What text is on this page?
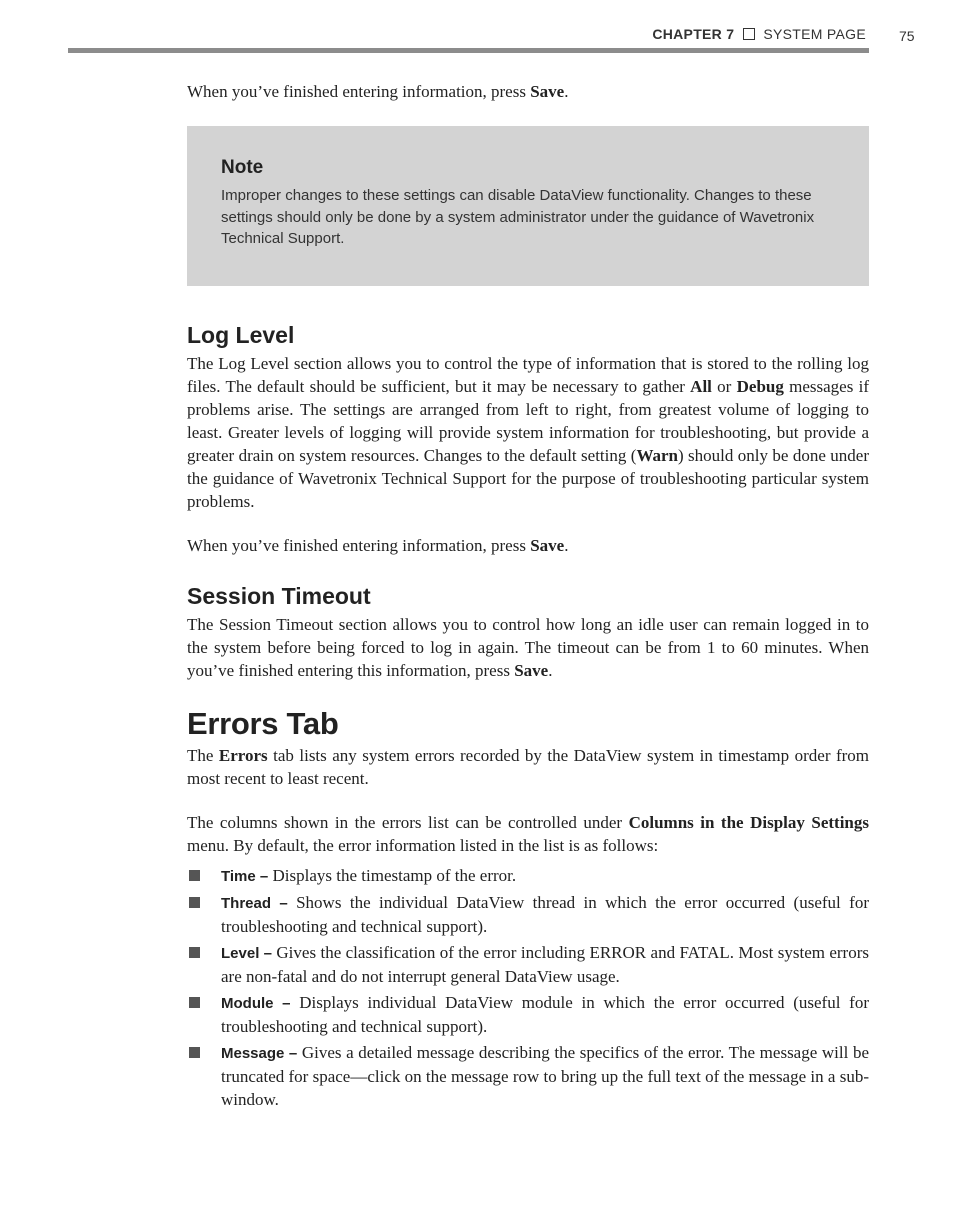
CHAPTER 7 SYSTEM PAGE 75

When you’ve finished entering information, press Save.

Note

Improper changes to these settings can disable DataView functionality. Changes to these settings should only be done by a system administrator under the guidance of Wavetronix Technical Support.

Log Level

The Log Level section allows you to control the type of information that is stored to the rolling log files. The default should be sufficient, but it may be necessary to gather All or Debug messages if problems arise. The settings are arranged from left to right, from greatest volume of logging to least. Greater levels of logging will provide system information for troubleshooting, but provide a greater drain on system resources. Changes to the default setting (Warn) should only be done under the guidance of Wavetronix Technical Support for the purpose of troubleshooting particular system problems.

When you’ve finished entering information, press Save.

Session Timeout

The Session Timeout section allows you to control how long an idle user can remain logged in to the system before being forced to log in again. The timeout can be from 1 to 60 minutes. When you’ve finished entering this information, press Save.

Errors Tab

The Errors tab lists any system errors recorded by the DataView system in timestamp order from most recent to least recent.

The columns shown in the errors list can be controlled under Columns in the Display Settings menu. By default, the error information listed in the list is as follows:

Time – Displays the timestamp of the error.
Thread – Shows the individual DataView thread in which the error occurred (useful for troubleshooting and technical support).
Level – Gives the classification of the error including ERROR and FATAL. Most system errors are non-fatal and do not interrupt general DataView usage.
Module – Displays individual DataView module in which the error occurred (useful for troubleshooting and technical support).
Message – Gives a detailed message describing the specifics of the error. The message will be truncated for space—click on the message row to bring up the full text of the message in a sub-window.
